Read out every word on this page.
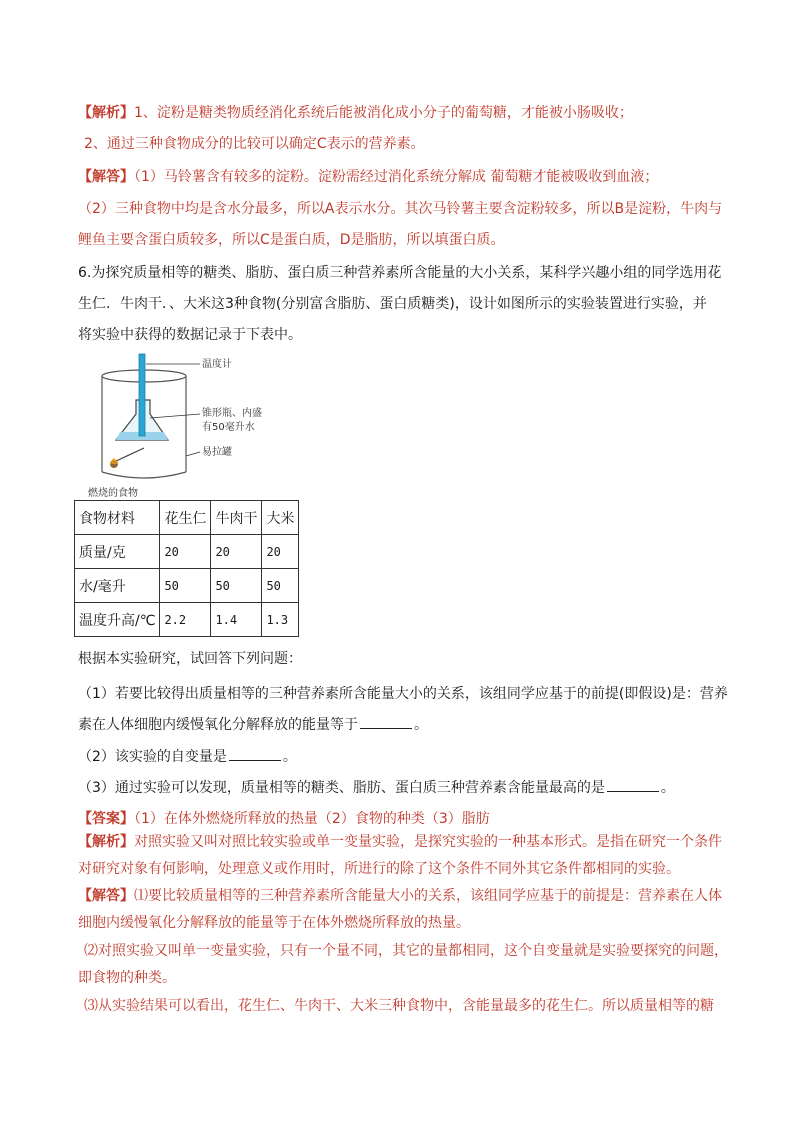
【解析】1、淀粉是糖类物质经消化系统后能被消化成小分子的葡萄糖，才能被小肠吸收；
2、通过三种食物成分的比较可以确定C表示的营养素。
【解答】（1）马铃薯含有较多的淀粉。淀粉需经过消化系统分解成 葡萄糖才能被吸收到血液；
（2）三种食物中均是含水分最多，所以A表示水分。其次马铃薯主要含淀粉较多，所以B是淀粉，牛肉与
鲤鱼主要含蛋白质较多，所以C是蛋白质，D是脂肪，所以填蛋白质。
6.为探究质量相等的糖类、脂肪、蛋白质三种营养素所含能量的大小关系，某科学兴趣小组的同学选用花
生仁．牛肉干．、大米这3种食物(分别富含脂肪、蛋白质糖类)，设计如图所示的实验装置进行实验，并
将实验中获得的数据记录于下表中。
温度计
锥形瓶、内盛
有50毫升水
易拉罐
燃烧的食物
食物材料	花生仁	牛肉干	大米
质量/克	20	20	20
水/毫升	50	50	50
温度升高/℃	2.2	1.4	1.3
根据本实验研究，试回答下列问题：
（1）若要比较得出质量相等的三种营养素所含能量大小的关系，该组同学应基于的前提(即假设)是：营养
素在人体细胞内缓慢氧化分解释放的能量等于	。
（2）该实验的自变量是	。
（3）通过实验可以发现，质量相等的糖类、脂肪、蛋白质三种营养素含能量最高的是	。
【答案】（1）在体外燃烧所释放的热量（2）食物的种类（3）脂肪
【解析】对照实验又叫对照比较实验或单一变量实验，是探究实验的一种基本形式。是指在研究一个条件
对研究对象有何影响，处理意义或作用时，所进行的除了这个条件不同外其它条件都相同的实验。
【解答】⑴要比较质量相等的三种营养素所含能量大小的关系，该组同学应基于的前提是：营养素在人体
细胞内缓慢氧化分解释放的能量等于在体外燃烧所释放的热量。
⑵对照实验又叫单一变量实验，只有一个量不同，其它的量都相同，这个自变量就是实验要探究的问题，
即食物的种类。
⑶从实验结果可以看出，花生仁、牛肉干、大米三种食物中，含能量最多的花生仁。所以质量相等的糖
